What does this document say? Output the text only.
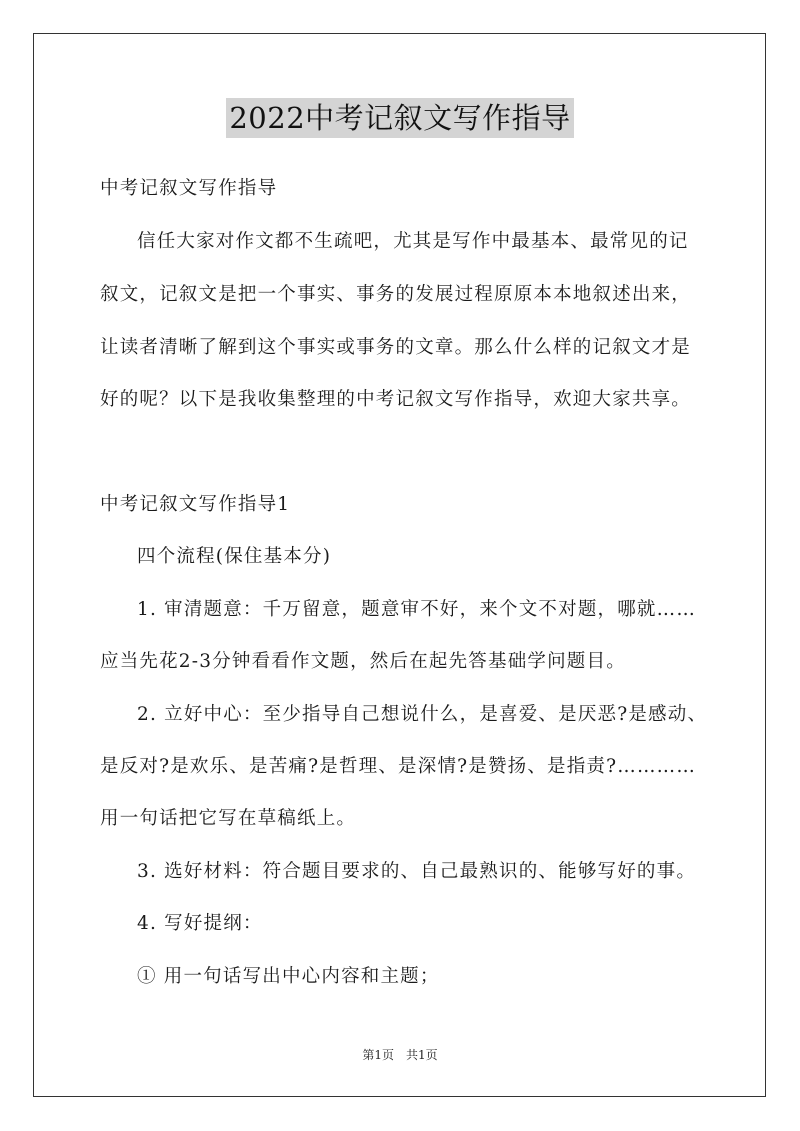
2022中考记叙文写作指导

中考记叙文写作指导

信任大家对作文都不生疏吧，尤其是写作中最基本、最常见的记

叙文，记叙文是把一个事实、事务的发展过程原原本本地叙述出来，

让读者清晰了解到这个事实或事务的文章。那么什么样的记叙文才是

好的呢？以下是我收集整理的中考记叙文写作指导，欢迎大家共享。

中考记叙文写作指导1

四个流程(保住基本分)

1. 审清题意：千万留意，题意审不好，来个文不对题，哪就……

应当先花2-3分钟看看作文题，然后在起先答基础学问题目。

2. 立好中心：至少指导自己想说什么，是喜爱、是厌恶?是感动、

是反对?是欢乐、是苦痛?是哲理、是深情?是赞扬、是指责?…………

用一句话把它写在草稿纸上。

3. 选好材料：符合题目要求的、自己最熟识的、能够写好的事。

4. 写好提纲：

① 用一句话写出中心内容和主题；

第1页　共1页
